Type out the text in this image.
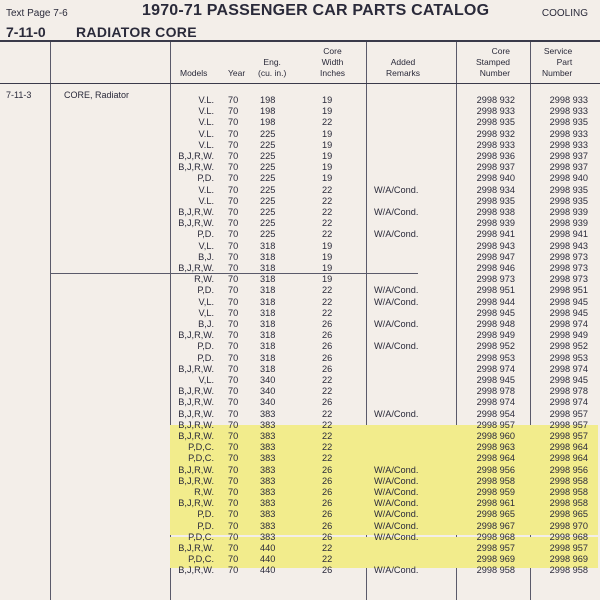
Text Page 7-6	1970-71 PASSENGER CAR PARTS CATALOG	COOLING
7-11-0 RADIATOR CORE
Models Year
Eng.
(cu. in.)
Core
Width
Inches
Added
Remarks
Core
Stamped
Number
Service
Part
Number
7-11-3	CORE, Radiator	V.L. 70 198	19	2998 932	2998 933
V.L. 70 198	19	2998 933	2998 933
V.L. 70 198	22	2998 935	2998 935
V.L. 70 225	19	2998 932	2998 933
V.L. 70 225	19	2998 933	2998 933
B,J,R,W. 70 225	19	2998 936	2998 937
B,J,R,W. 70 225	19	2998 937	2998 937
P,D. 70 225	19	2998 940	2998 940
V.L. 70 225	22	W/A/Cond.	2998 934	2998 935
V.L. 70 225	22	2998 935	2998 935
B,J,R,W. 70 225	22	W/A/Cond.	2998 938	2998 939
B,J,R,W. 70 225	22	2998 939	2998 939
P,D. 70 225	22	W/A/Cond.	2998 941	2998 941
V,L. 70 318	19	2998 943	2998 943
B,J. 70 318	19	2998 947	2998 973
B,J,R,W. 70 318	19	2998 946	2998 973
R,W. 70 318	19	2998 973	2998 973
P,D. 70 318	22	W/A/Cond.	2998 951	2998 951
V,L. 70 318	22	W/A/Cond.	2998 944	2998 945
V,L. 70 318	22	2998 945	2998 945
B,J. 70 318	26	W/A/Cond.	2998 948	2998 974
B,J,R,W. 70 318	26	2998 949	2998 949
P,D. 70 318	26	W/A/Cond.	2998 952	2998 952
P,D. 70 318	26	2998 953	2998 953
B,J,R,W. 70 318	26	2998 974	2998 974
V,L. 70 340	22	2998 945	2998 945
B,J,R,W. 70 340	22	2998 978	2998 978
B,J,R,W. 70 340	26	2998 974	2998 974
B,J,R,W. 70 383	22	W/A/Cond.	2998 954	2998 957
B,J,R,W. 70 383	22	2998 957	2998 957
B,J,R,W. 70 383	22	2998 960	2998 957
P,D,C. 70 383	22	2998 963	2998 964
P,D,C. 70 383	22	2998 964	2998 964
B,J,R,W. 70 383	26	W/A/Cond.	2998 956	2998 956
B,J,R,W. 70 383	26	W/A/Cond.	2998 958	2998 958
R,W. 70 383	26	W/A/Cond.	2998 959	2998 958
B,J,R,W. 70 383	26	W/A/Cond.	2998 961	2998 958
P,D. 70 383	26	W/A/Cond.	2998 965	2998 965
P,D. 70 383	26	W/A/Cond.	2998 967	2998 970
P,D,C. 70 383	26	W/A/Cond.	2998 968	2998 968
B,J,R,W. 70 440	22	2998 957	2998 957
P,D,C. 70 440	22	2998 969	2998 969
B,J,R,W. 70 440	26	W/A/Cond.	2998 958	2998 958
